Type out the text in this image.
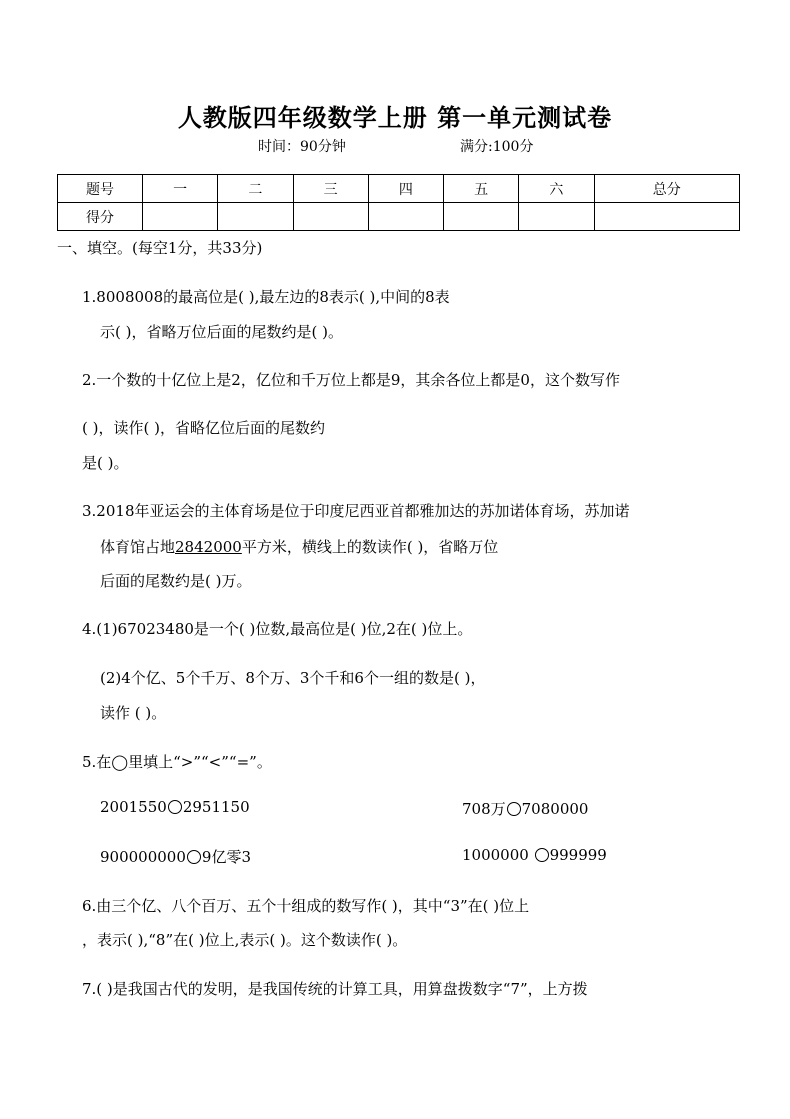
人教版四年级数学上册 第一单元测试卷
时间：90分钟	满分:100分
题号	一	二	三	四	五	六	总分
得分							
一、填空。(每空1分，共33分)
1.8008008的最高位是( ),最左边的8表示( ),中间的8表
示( )，省略万位后面的尾数约是( )。
2.一个数的十亿位上是2，亿位和千万位上都是9，其余各位上都是0，这个数写作
( )，读作( )，省略亿位后面的尾数约
是( )。
3.2018年亚运会的主体育场是位于印度尼西亚首都雅加达的苏加诺体育场，苏加诺
体育馆占地2842000平方米，横线上的数读作( )，省略万位
后面的尾数约是( )万。
4.(1)67023480是一个( )位数,最高位是( )位,2在( )位上。
(2)4个亿、5个千万、8个万、3个千和6个一组的数是( )，
读作 ( )。
5.在◯里填上“>”“<”“=”。
2001550 2951150	708万 7080000
900000000 9亿零3	1000000 999999
6.由三个亿、八个百万、五个十组成的数写作( )，其中“3”在( )位上
，表示( ),“8”在( )位上,表示( )。这个数读作( )。
7.( )是我国古代的发明，是我国传统的计算工具，用算盘拨数字“7”，上方拨
